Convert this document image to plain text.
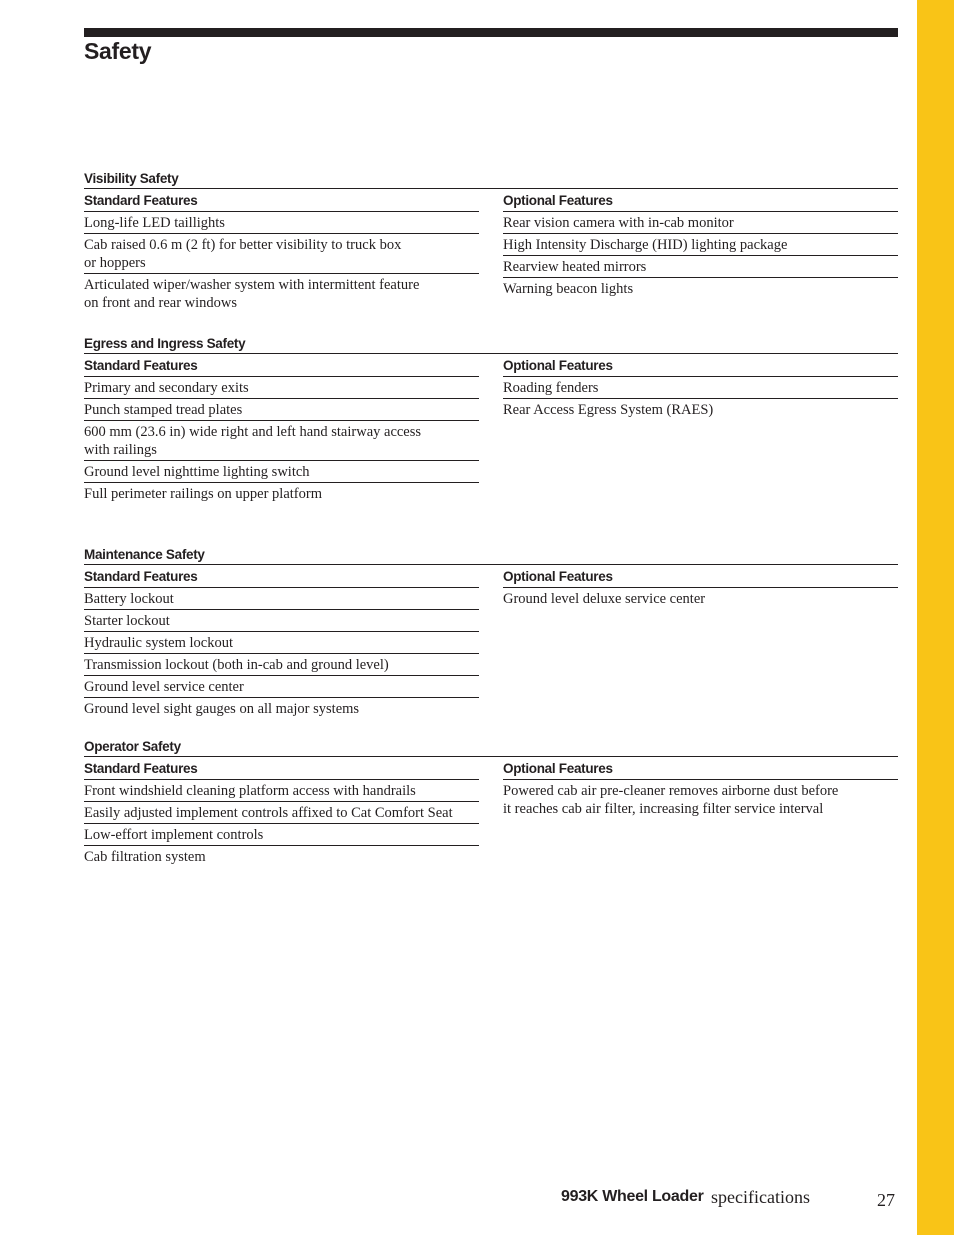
Safety
Visibility Safety
Standard Features
Long-life LED taillights
Cab raised 0.6 m (2 ft) for better visibility to truck box
or hoppers
Articulated wiper/washer system with intermittent feature
on front and rear windows
Optional Features
Rear vision camera with in-cab monitor
High Intensity Discharge (HID) lighting package
Rearview heated mirrors
Warning beacon lights
Egress and Ingress Safety
Standard Features
Primary and secondary exits
Punch stamped tread plates
600 mm (23.6 in) wide right and left hand stairway access
with railings
Ground level nighttime lighting switch
Full perimeter railings on upper platform
Optional Features
Roading fenders
Rear Access Egress System (RAES)
Maintenance Safety
Standard Features
Battery lockout
Starter lockout
Hydraulic system lockout
Transmission lockout (both in-cab and ground level)
Ground level service center
Ground level sight gauges on all major systems
Optional Features
Ground level deluxe service center
Operator Safety
Standard Features
Front windshield cleaning platform access with handrails
Easily adjusted implement controls affixed to Cat Comfort Seat
Low-effort implement controls
Cab filtration system
Optional Features
Powered cab air pre-cleaner removes airborne dust before
it reaches cab air filter, increasing filter service interval
993K Wheel Loader specifications	27
